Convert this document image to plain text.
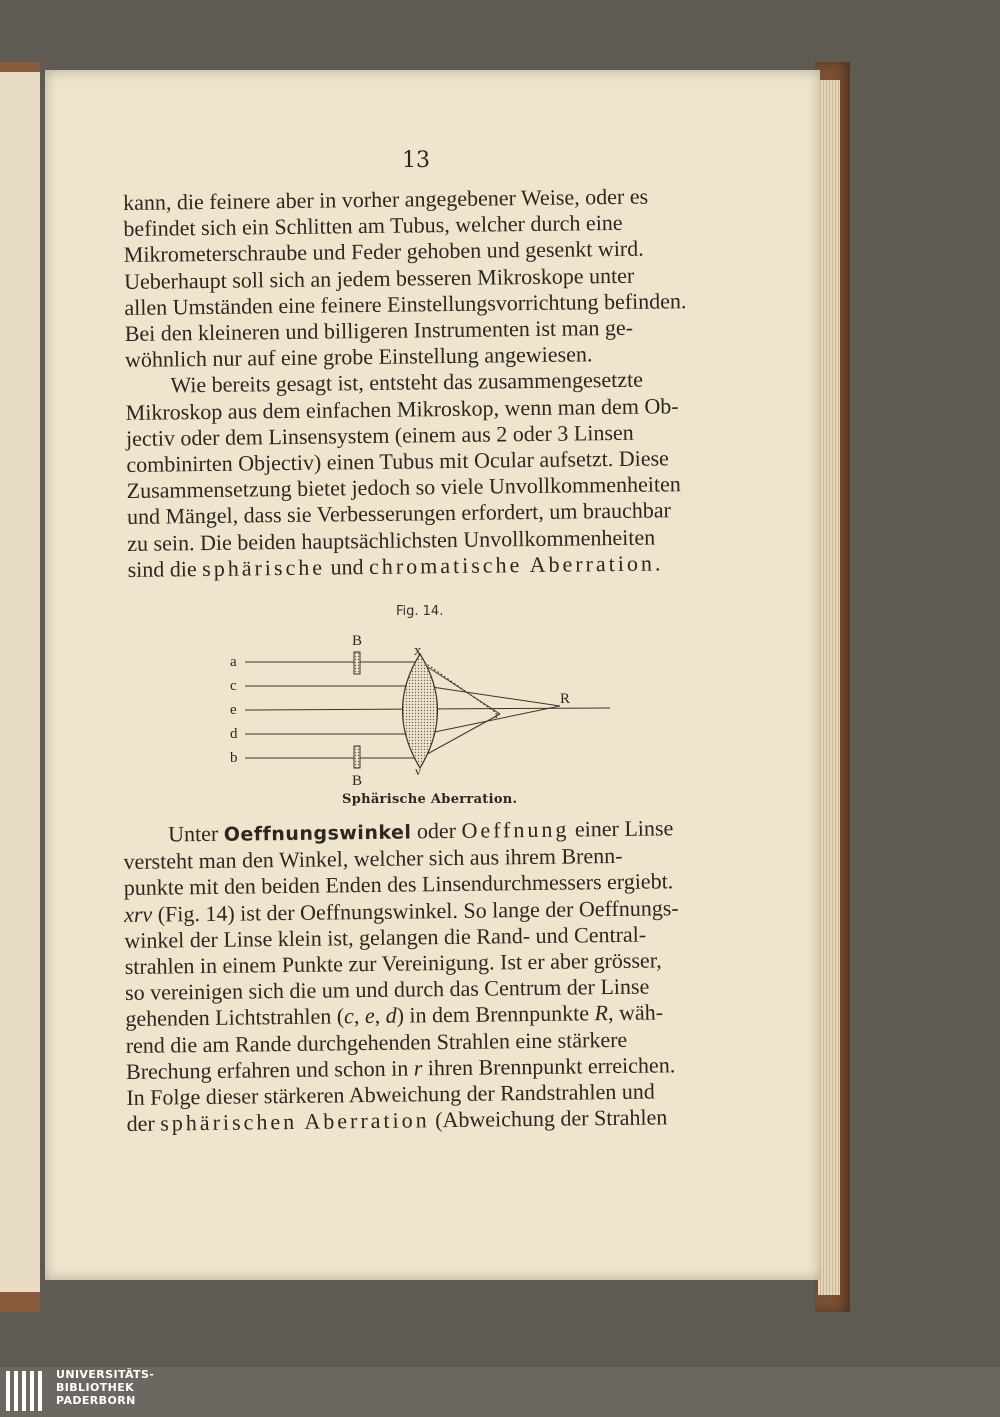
13

kann, die feinere aber in vorher angegebener Weise, oder es

befindet sich ein Schlitten am Tubus, welcher durch eine

Mikrometerschraube und Feder gehoben und gesenkt wird.

Ueberhaupt soll sich an jedem besseren Mikroskope unter

allen Umständen eine feinere Einstellungsvorrichtung befinden.

Bei den kleineren und billigeren Instrumenten ist man ge-

wöhnlich nur auf eine grobe Einstellung angewiesen.

Wie bereits gesagt ist, entsteht das zusammengesetzte

Mikroskop aus dem einfachen Mikroskop, wenn man dem Ob-

jectiv oder dem Linsensystem (einem aus 2 oder 3 Linsen

combinirten Objectiv) einen Tubus mit Ocular aufsetzt. Diese

Zusammensetzung bietet jedoch so viele Unvollkommenheiten

und Mängel, dass sie Verbesserungen erfordert, um brauchbar

zu sein. Die beiden hauptsächlichsten Unvollkommenheiten

sind die sphärische und chromatische Aberration.

Fig. 14.
a
c
e
d
b
B
B
x
v
r
R
Sphärische Aberration.

Unter Oeffnungswinkel oder Oeffnung einer Linse

versteht man den Winkel, welcher sich aus ihrem Brenn-

punkte mit den beiden Enden des Linsendurchmessers ergiebt.

xrv (Fig. 14) ist der Oeffnungswinkel. So lange der Oeffnungs-

winkel der Linse klein ist, gelangen die Rand- und Central-

strahlen in einem Punkte zur Vereinigung. Ist er aber grösser,

so vereinigen sich die um und durch das Centrum der Linse

gehenden Lichtstrahlen (c, e, d) in dem Brennpunkte R, wäh-

rend die am Rande durchgehenden Strahlen eine stärkere

Brechung erfahren und schon in r ihren Brennpunkt erreichen.

In Folge dieser stärkeren Abweichung der Randstrahlen und

der sphärischen Aberration (Abweichung der Strahlen

UNIVERSITÄTS-
BIBLIOTHEK
PADERBORN
